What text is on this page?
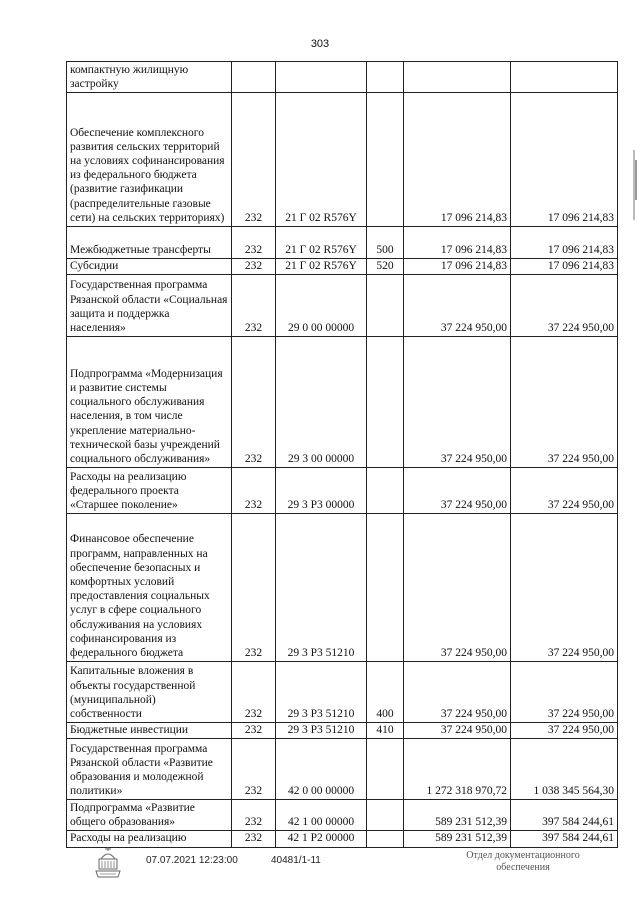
303
компактную жилищную застройку					
Обеспечение комплексного развития сельских территорий на условиях софинансирования из федерального бюджета (развитие газификации (распределительные газовые сети) на сельских территориях)	232	21 Г 02 R576Y		17 096 214,83	17 096 214,83
Межбюджетные трансферты	232	21 Г 02 R576Y	500	17 096 214,83	17 096 214,83
Субсидии	232	21 Г 02 R576Y	520	17 096 214,83	17 096 214,83
Государственная программа Рязанской области «Социальная защита и поддержка населения»	232	29 0 00 00000		37 224 950,00	37 224 950,00
Подпрограмма «Модернизация и развитие системы социального обслуживания населения, в том числе укрепление материально-технической базы учреждений социального обслуживания»	232	29 3 00 00000		37 224 950,00	37 224 950,00
Расходы на реализацию федерального проекта «Старшее поколение»	232	29 3 Р3 00000		37 224 950,00	37 224 950,00
Финансовое обеспечение программ, направленных на обеспечение безопасных и комфортных условий предоставления социальных услуг в сфере социального обслуживания на условиях софинансирования из федерального бюджета	232	29 3 Р3 51210		37 224 950,00	37 224 950,00
Капитальные вложения в объекты государственной (муниципальной) собственности	232	29 3 Р3 51210	400	37 224 950,00	37 224 950,00
Бюджетные инвестиции	232	29 3 Р3 51210	410	37 224 950,00	37 224 950,00
Государственная программа Рязанской области «Развитие образования и молодежной политики»	232	42 0 00 00000		1 272 318 970,72	1 038 345 564,30
Подпрограмма «Развитие общего образования»	232	42 1 00 00000		589 231 512,39	397 584 244,61
Расходы на реализацию	232	42 1 Р2 00000		589 231 512,39	397 584 244,61
07.07.2021 12:23:00	40481/1-11	Отдел документационного
обеспечения
